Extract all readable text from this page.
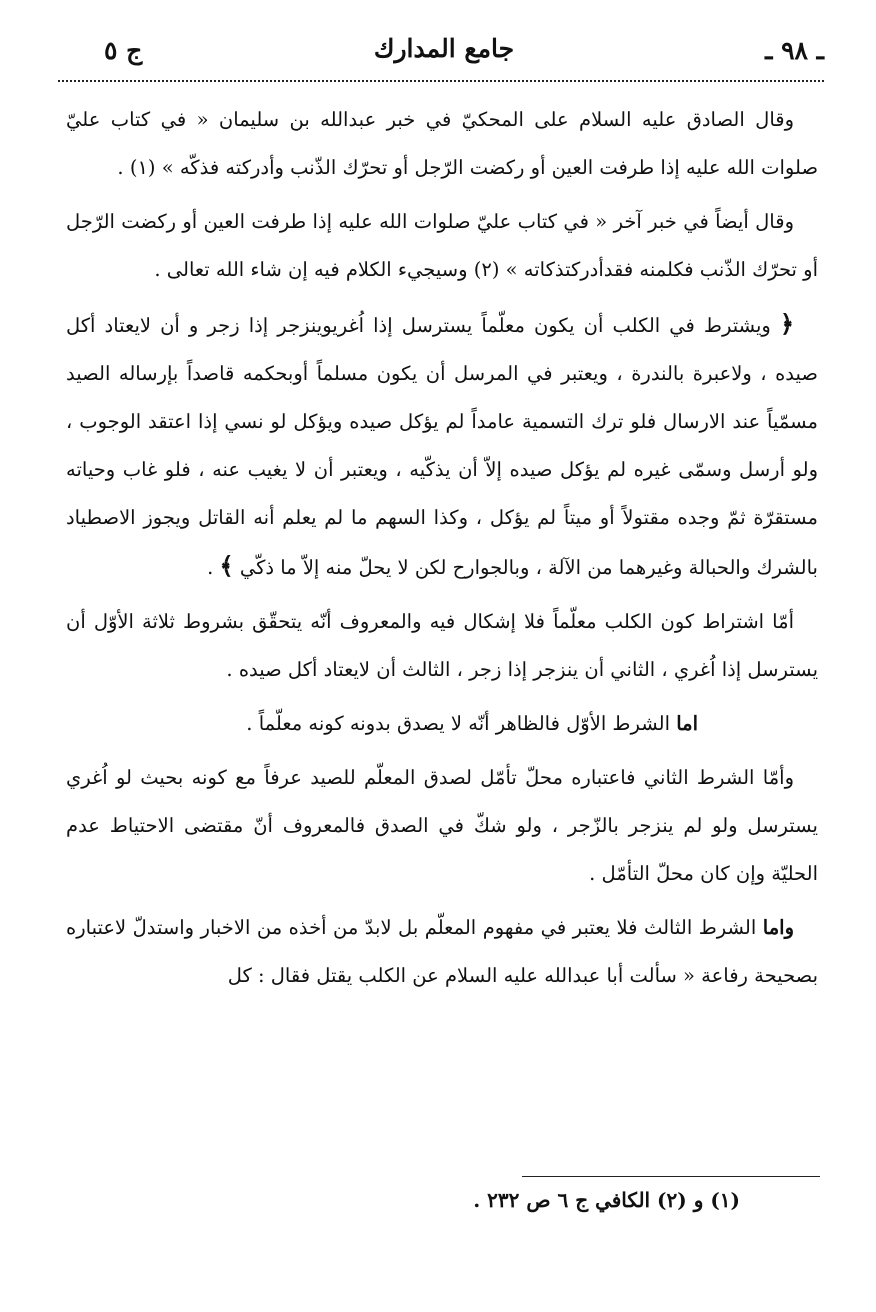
ـ ٩٨ ـ
جامع المدارك
ج ٥

وقال الصادق عليه السلام على المحكيّ في خبر عبدالله بن سليمان « في كتاب عليّ صلوات الله عليه إذا طرفت العين أو ركضت الرّجل أو تحرّك الذّنب وأدركته فذكّه » (١) .

وقال أيضاً في خبر آخر « في كتاب عليّ صلوات الله عليه إذا طرفت العين أو ركضت الرّجل أو تحرّك الذّنب فكلمنه فقدأدركتذكاته » (٢) وسيجيء الكلام فيه إن شاء الله تعالى .

﴿ ويشترط في الكلب أن يكون معلّماً يسترسل إذا اُغريوينزجر إذا زجر و أن لايعتاد أكل صيده ، ولاعبرة بالندرة ، ويعتبر في المرسل أن يكون مسلماً أوبحكمه قاصداً بإرساله الصيد مسمّياً عند الارسال فلو ترك التسمية عامداً لم يؤكل صيده ويؤكل لو نسي إذا اعتقد الوجوب ، ولو أرسل وسمّى غيره لم يؤكل صيده إلاّ أن يذكّيه ، ويعتبر أن لا يغيب عنه ، فلو غاب وحياته مستقرّة ثمّ وجده مقتولاً أو ميتاً لم يؤكل ، وكذا السهم ما لم يعلم أنه القاتل ويجوز الاصطياد بالشرك والحبالة وغيرهما من الآلة ، وبالجوارح لكن لا يحلّ منه إلاّ ما ذكّي ﴾ .

أمّا اشتراط كون الكلب معلّماً فلا إشكال فيه والمعروف أنّه يتحقّق بشروط ثلاثة الأوّل أن يسترسل إذا اُغري ، الثاني أن ينزجر إذا زجر ، الثالث أن لايعتاد أكل صيده .

اما الشرط الأوّل فالظاهر أنّه لا يصدق بدونه كونه معلّماً .

وأمّا الشرط الثاني فاعتباره محلّ تأمّل لصدق المعلّم للصيد عرفاً مع كونه بحيث لو اُغري يسترسل ولو لم ينزجر بالزّجر ، ولو شكّ في الصدق فالمعروف أنّ مقتضى الاحتياط عدم الحليّة وإن كان محلّ التأمّل .

واما الشرط الثالث فلا يعتبر في مفهوم المعلّم بل لابدّ من أخذه من الاخبار واستدلّ لاعتباره بصحيحة رفاعة « سألت أبا عبدالله عليه السلام عن الكلب يقتل فقال : كل

(١) و (٢) الكافي ج ٦ ص ٢٣٢ .
